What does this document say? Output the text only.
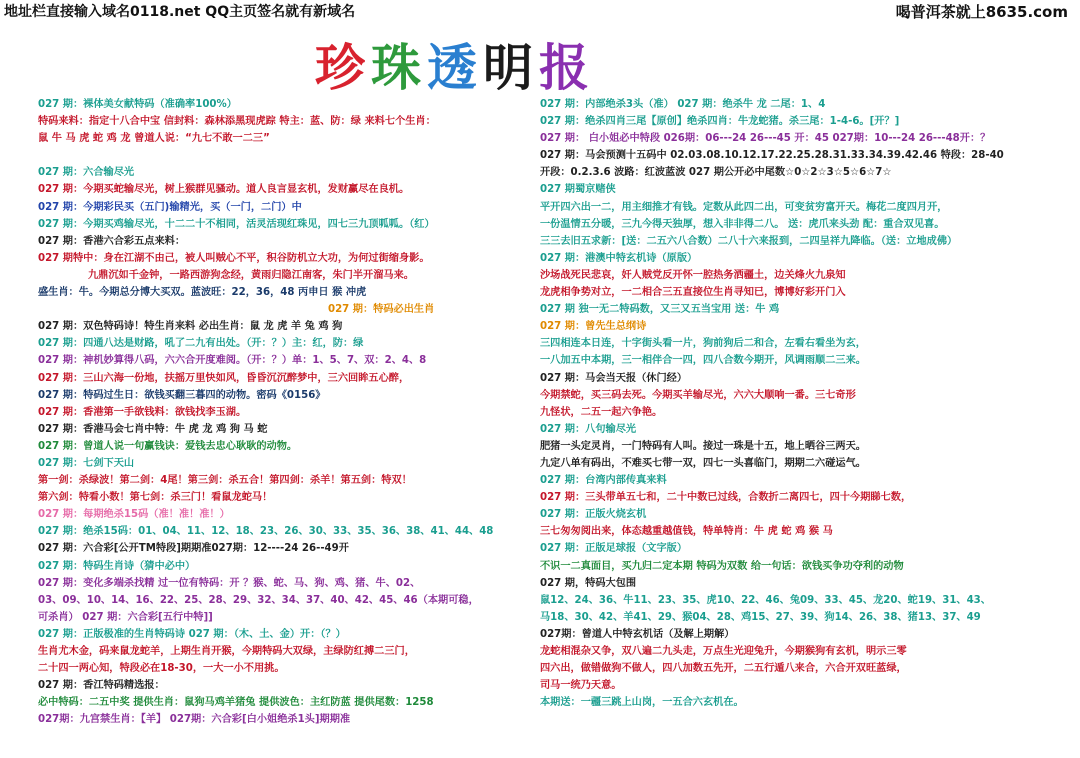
地址栏直接输入域名0118.net QQ主页签名就有新域名	喝普洱茶就上8635.com
珍 珠 透 明 报
027 期：裸体美女献特码（准确率100%）
特码来料：指定十八合中宝 信封料：森林添黑现虎踪 特主：蓝、防：绿 来料七个生肖：
鼠 牛 马 虎 蛇 鸡 龙 曾道人说：“九七不敢一二三”
027 期：六合输尽光
027 期：今期买蛇输尽光，树上猴群见骚动。道人良言显玄机，发财赢尽在良机。
027 期：今期彩民买（五门)输精光，买（一门，二门）中
027 期：今期买鸡输尽光，十二二十不相同，活灵活现红珠见，四七三九顶呱呱。（红）
027 期：香港六合彩五点来料：
027 期特中：身在江湖不由己，被人叫贼心不平，积谷防机立大功，为何过街缩身影。
九鼎沉如千金钟，一路西游狗念经，黄雨归隐江南客，朱门半开溜马来。
盛生肖：牛。今期总分博大买双。蓝波旺：22，36，48 丙申日 猴 冲虎
027 期：特码必出生肖
027 期：双色特码诗！特生肖来料 必出生肖：鼠 龙 虎 羊 兔 鸡 狗
027 期：四通八达是财路，吼了二九有出处。（开：？）主：红，防：绿
027 期：神机妙算得八码，六六合开度难阅。（开：？）单：1、5、7、双：2、4、8
027 期：三山六海一份地，扶摇万里快如风，昏昏沉沉醉梦中，三六回眸五心醉，
027 期：特码过生日：欲钱买翻三暮四的动物。密码《0156》
027 期：香港第一手欲钱料：欲钱找李玉湖。
027 期：香港马会七肖中特：牛 虎 龙 鸡 狗 马 蛇
027 期：曾道人说一句赢钱诀：爱钱去忠心耿耿的动物。
027 期：七剑下天山
第一剑：杀绿波！第二剑：4尾！第三剑：杀五合！第四剑：杀羊！第五剑：特双！
第六剑：特看小数！第七剑：杀三门！看鼠龙蛇马！
027 期：每期绝杀15码（准！准！准！）
027 期：绝杀15码：01、04、11、12、18、23、26、30、33、35、36、38、41、44、48
027 期：六合彩[公开TM特段]期期准027期：12----24 26--49开
027 期：特码生肖诗（猜中必中）
027 期：变化多端杀找精 过一位有特码：开 ？猴、蛇、马、狗、鸡、猪、牛、02、
03、09、10、14、16、22、25、28、29、32、34、37、40、42、45、46（本期可稳，
可杀肖） 027 期：六合彩[五行中特]]
027 期：正版极准的生肖特码诗 027 期：（木、土、金）开：（？）
生肖尤木金，码来鼠龙蛇羊，上期生肖开猴，今期特码大双绿，主绿防红搏二三门，
二十四一两心知，特段必在18-30，一大一小不用挑。
027 期：香江特码精选报：
必中特码：二五中奖 提供生肖：鼠狗马鸡羊猪兔 提供波色：主红防蓝 提供尾数：1258
027期：九宫禁生肖：【羊】 027期：六合彩[白小姐绝杀1头]期期准
027 期：内部绝杀3头（准） 027 期：绝杀牛 龙 二尾：1、4
027 期：绝杀四肖三尾【原创】绝杀四肖：牛龙蛇猪。杀三尾：1-4-6。[开？]
027 期： 白小姐必中特段 026期：06---24 26---45 开：45 027期：10---24 26---48开：？
027 期：马会预测十五码中 02.03.08.10.12.17.22.25.28.31.33.34.39.42.46 特段：28-40
开段：0.2.3.6 波路：红波蓝波 027 期公开必中尾数☆0☆2☆3☆5☆6☆7☆
027 期蜀京赌侠
平开四六出一二，用主细推才有钱。定数从此四二出，可变贫穷富开天。梅花二度四月开，
一份温情五分暖，三九今得天独厚，想入非非得二八。 送：虎爪来头劲 配：重合双见喜。
三三去旧五求新：[送：二五六八合数）二八十六来报到，二四呈祥九降临。（送：立地成佛）
027 期：港澳中特玄机诗（原版）
沙场战死民悲哀，奸人贼党反开怀一腔热务洒疆土，边关烽火九泉知
龙虎相争势对立，一二相合三五直接位生肖寻知已，博博好彩开门入
027 期 独一无二特码数，又三又五当宝用 送：牛 鸡
027 期：曾先生总纲诗
三四相连本日连，十字街头看一片，狗前狗后二和合，左看右看坐为玄，
一八加五中本期，三一相伴合一四，四八合数今期开，风调雨顺二三来。
027 期：马会当天报（休门经）
今期禁蛇，买三码去死。今期买羊输尽光，六六大顺响一番。三七奇形
九怪状，二五一起六争艳。
027 期：八句输尽光
肥猪一头定灵肖，一门特码有人叫。接过一珠是十五，地上晒谷三两天。
九定八单有码出，不难买七带一双，四七一头喜临门，期期二六碰运气。
027 期：台湾内部传真来料
027 期：三头带单五七和，二十中数已过线，合数折二离四七，四十今期睇七数，
027 期：正版火烧玄机
三七匆匆阅出来，体态越重越值钱，特单特肖：牛 虎 蛇 鸡 猴 马
027 期：正版足球报（文字版）
不识一二真面目，买九归二定本期 特码为双数 给一句话：欲钱买争功夺利的动物
027 期，特码大包围
鼠12、24、36、牛11、23、35、虎10、22、46、兔09、33、45、龙20、蛇19、31、43、
马18、30、42、羊41、29、猴04、28、鸡15、27、39、狗14、26、38、猪13、37、49
027期：曾道人中特玄机话（及解上期解）
龙蛇相混杂又争，双八遍二九头走，万点生光迎兔升，今期猴狗有玄机，明示三零
四六出，做错做狗不做人，四八加数五先开，二五行遁八来合，六合开双旺蓝绿，
司马一统乃天意。
本期送：一疆三跳上山岗，一五合六玄机在。
